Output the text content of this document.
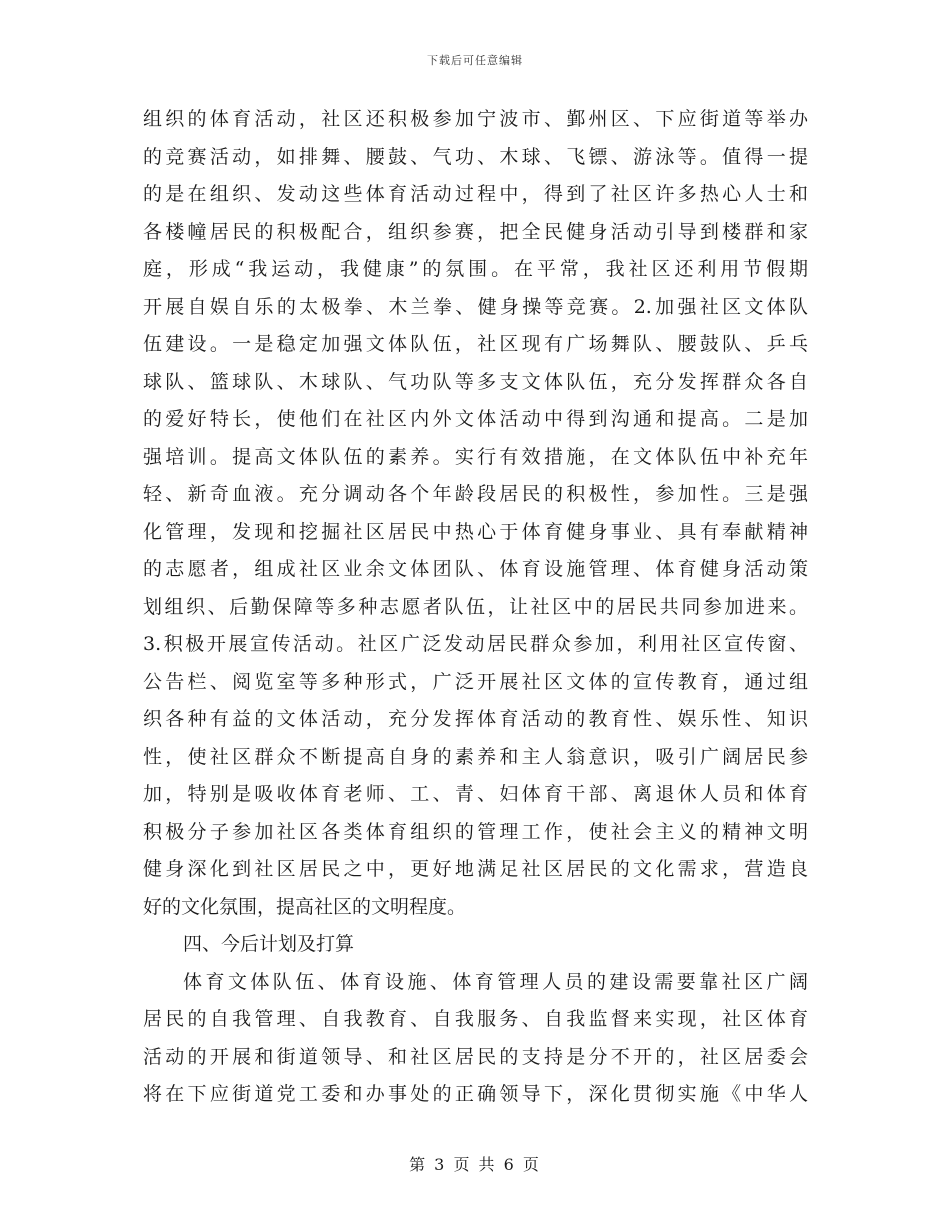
下载后可任意编辑
组织的体育活动，社区还积极参加宁波市、鄞州区、下应街道等举办
的竞赛活动，如排舞、腰鼓、气功、木球、飞镖、游泳等。值得一提
的是在组织、发动这些体育活动过程中，得到了社区许多热心人士和
各楼幢居民的积极配合，组织参赛，把全民健身活动引导到楼群和家
庭，形成“我运动，我健康”的氛围。在平常，我社区还利用节假期
开展自娱自乐的太极拳、木兰拳、健身操等竞赛。2.加强社区文体队
伍建设。一是稳定加强文体队伍，社区现有广场舞队、腰鼓队、乒乓
球队、篮球队、木球队、气功队等多支文体队伍，充分发挥群众各自
的爱好特长，使他们在社区内外文体活动中得到沟通和提高。二是加
强培训。提高文体队伍的素养。实行有效措施，在文体队伍中补充年
轻、新奇血液。充分调动各个年龄段居民的积极性，参加性。三是强
化管理，发现和挖掘社区居民中热心于体育健身事业、具有奉献精神
的志愿者，组成社区业余文体团队、体育设施管理、体育健身活动策
划组织、后勤保障等多种志愿者队伍，让社区中的居民共同参加进来。
3.积极开展宣传活动。社区广泛发动居民群众参加，利用社区宣传窗、
公告栏、阅览室等多种形式，广泛开展社区文体的宣传教育，通过组
织各种有益的文体活动，充分发挥体育活动的教育性、娱乐性、知识
性，使社区群众不断提高自身的素养和主人翁意识，吸引广阔居民参
加，特别是吸收体育老师、工、青、妇体育干部、离退休人员和体育
积极分子参加社区各类体育组织的管理工作，使社会主义的精神文明
健身深化到社区居民之中，更好地满足社区居民的文化需求，营造良
好的文化氛围，提高社区的文明程度。
四、今后计划及打算
体育文体队伍、体育设施、体育管理人员的建设需要靠社区广阔
居民的自我管理、自我教育、自我服务、自我监督来实现，社区体育
活动的开展和街道领导、和社区居民的支持是分不开的，社区居委会
将在下应街道党工委和办事处的正确领导下，深化贯彻实施《中华人
第 3 页 共 6 页
